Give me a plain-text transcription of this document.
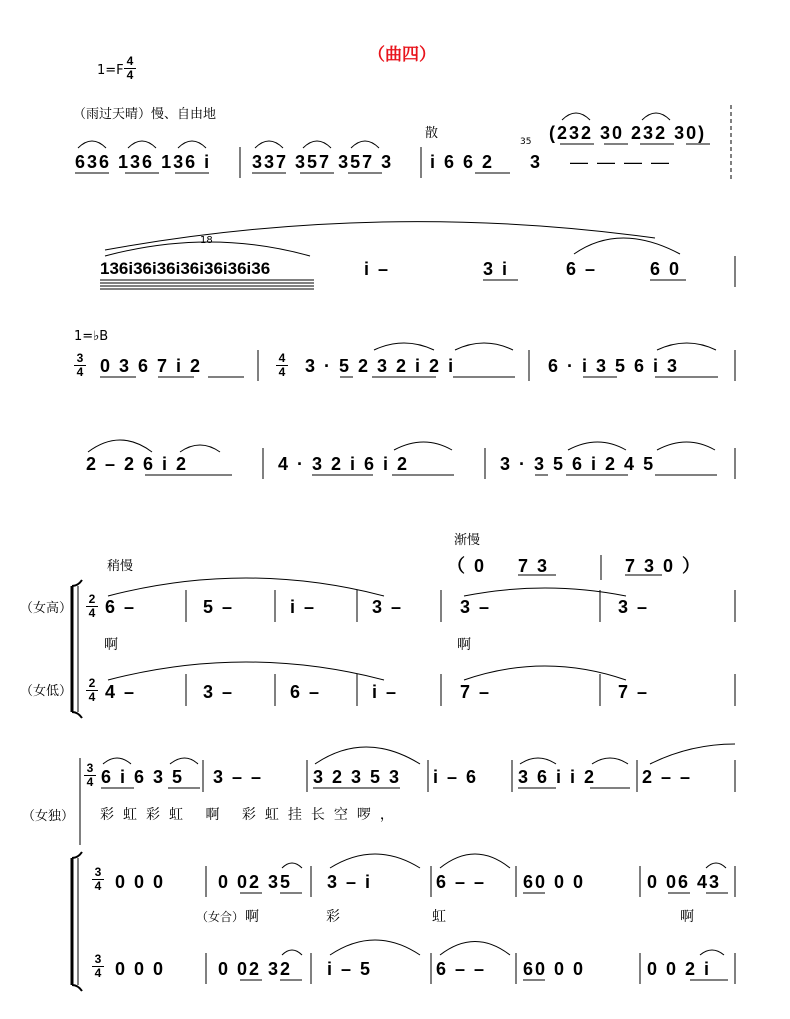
（曲四）
1=F
4
4
（雨过天晴）慢、自由地
散
636 136 136 i 337 357 357 3 i 6 6 2 3
35 (232 30 232 30)
— — — —
136i36i36i36i36i36i36
18
i –	3 i	6 –	6 0
1=♭B
3
4 0 3 6 7 i 2	4
4 3 · 5 2 3 2 i 2 i	6 · i 3 5 6 i 3
2 – 2 6 i 2	4 · 3 2 i 6 i 2	3 · 3 5 6 i 2 4 5
稍慢
渐慢
（ 0 7 3	7 3 0 ）
（女高）
（女低）
2
4
2
4
6 –	5 –	i –	3 –	3 –	3 –
啊	啊
4 –	3 –	6 –	i –	7 –	7 –
（女独）
3
4 6 i 6 3 5 3 – –	3 2 3 5 3 i – 6 3 6 i i 2	2 – –
彩虹彩虹 啊 彩虹挂长空啰，
3
4 0 0 0	0 02 35 3 – i	6 – – 60 0 0	0 06 43
（女合） 啊	彩	虹	啊
3
4 0 0 0	0 02 32 i – 5	6 – – 60 0 0	0 0 2 i
